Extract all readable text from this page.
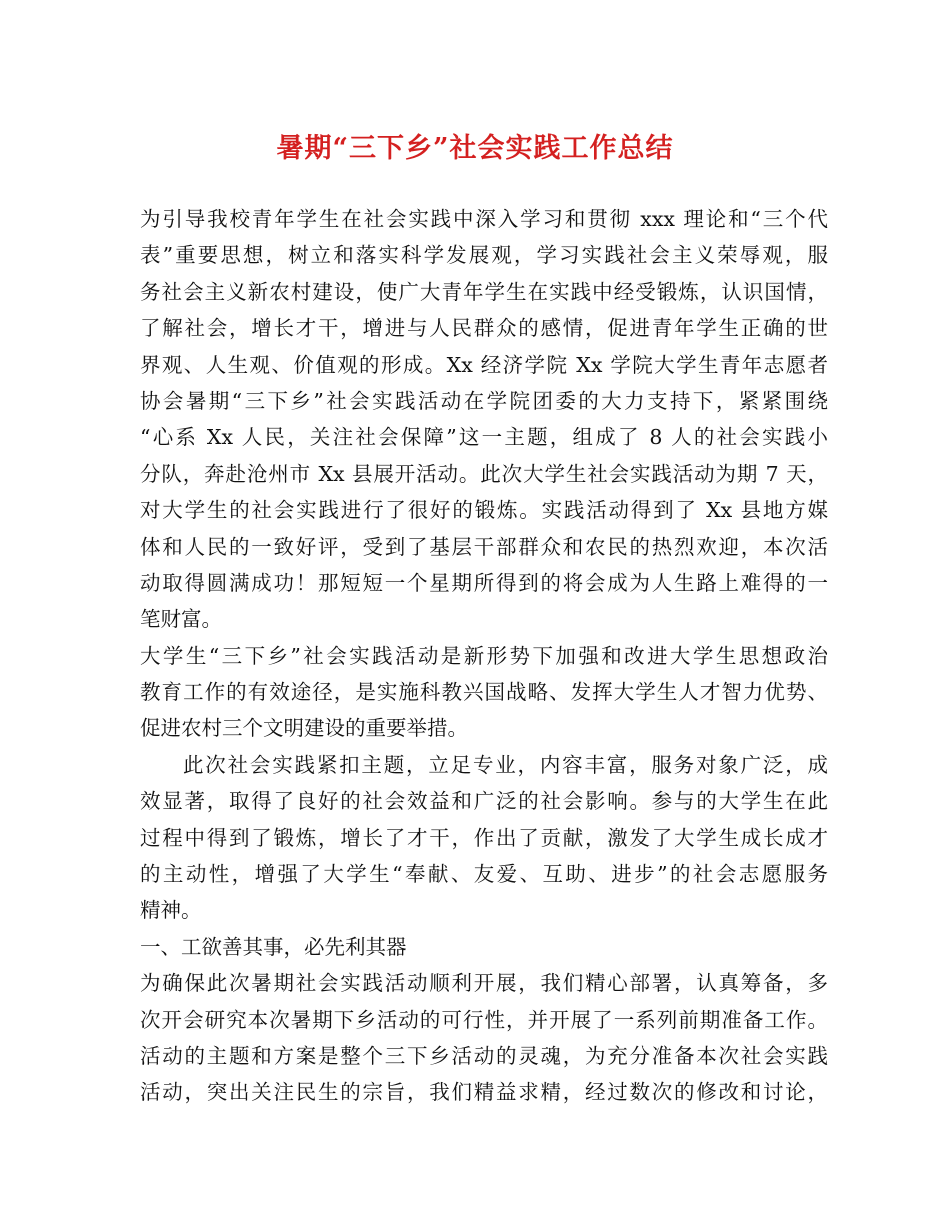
暑期“三下乡”社会实践工作总结
为引导我校青年学生在社会实践中深入学习和贯彻 xxx 理论和“三个代
表”重要思想，树立和落实科学发展观，学习实践社会主义荣辱观，服
务社会主义新农村建设，使广大青年学生在实践中经受锻炼，认识国情，
了解社会，增长才干，增进与人民群众的感情，促进青年学生正确的世
界观、人生观、价值观的形成。Xx 经济学院 Xx 学院大学生青年志愿者
协会暑期“三下乡”社会实践活动在学院团委的大力支持下，紧紧围绕
“心系 Xx 人民，关注社会保障”这一主题，组成了 8 人的社会实践小
分队，奔赴沧州市 Xx 县展开活动。此次大学生社会实践活动为期 7 天，
对大学生的社会实践进行了很好的锻炼。实践活动得到了 Xx 县地方媒
体和人民的一致好评，受到了基层干部群众和农民的热烈欢迎，本次活
动取得圆满成功！那短短一个星期所得到的将会成为人生路上难得的一
笔财富。
大学生“三下乡”社会实践活动是新形势下加强和改进大学生思想政治
教育工作的有效途径，是实施科教兴国战略、发挥大学生人才智力优势、
促进农村三个文明建设的重要举措。
此次社会实践紧扣主题，立足专业，内容丰富，服务对象广泛，成
效显著，取得了良好的社会效益和广泛的社会影响。参与的大学生在此
过程中得到了锻炼，增长了才干，作出了贡献，激发了大学生成长成才
的主动性，增强了大学生“奉献、友爱、互助、进步”的社会志愿服务
精神。
一、工欲善其事，必先利其器
为确保此次暑期社会实践活动顺利开展，我们精心部署，认真筹备，多
次开会研究本次暑期下乡活动的可行性，并开展了一系列前期准备工作。
活动的主题和方案是整个三下乡活动的灵魂，为充分准备本次社会实践
活动，突出关注民生的宗旨，我们精益求精，经过数次的修改和讨论，
